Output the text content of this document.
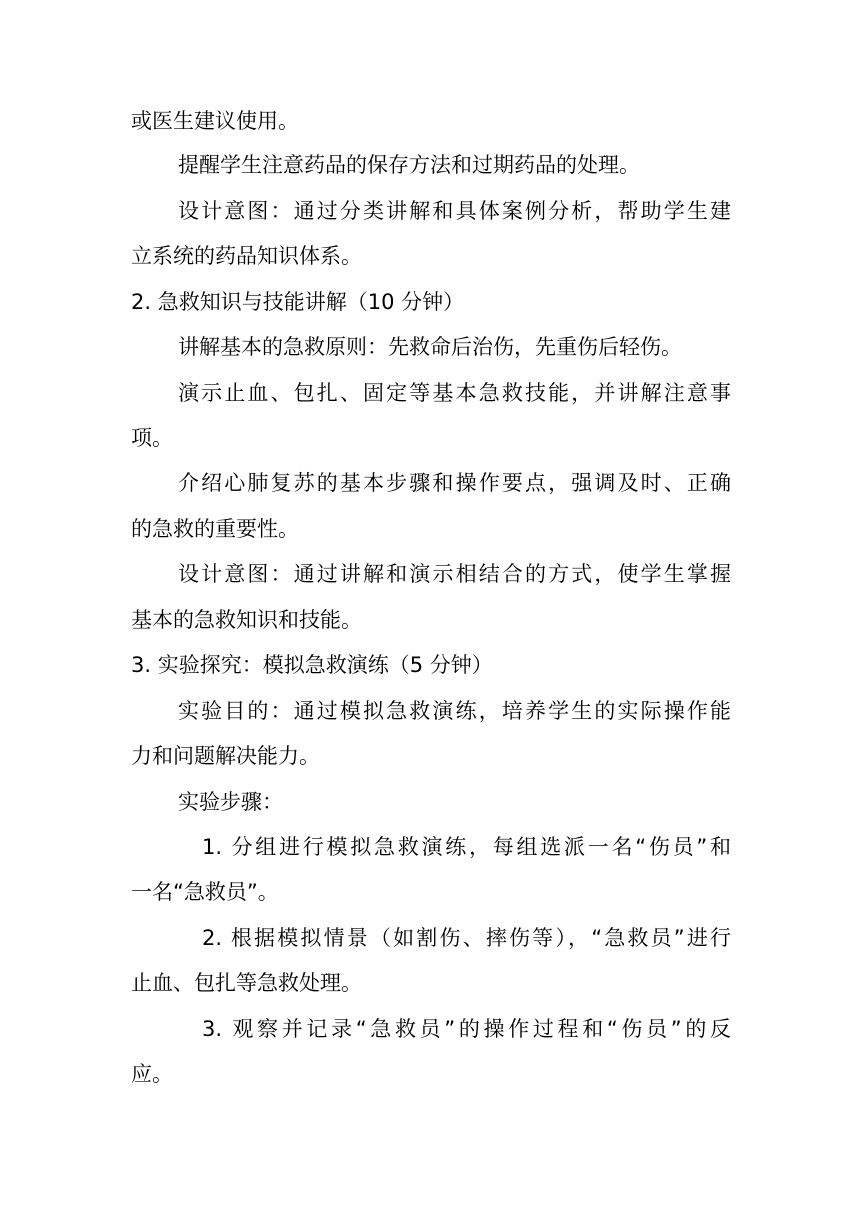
或医生建议使用。
提醒学生注意药品的保存方法和过期药品的处理。
设计意图：通过分类讲解和具体案例分析，帮助学生建
立系统的药品知识体系。
2. 急救知识与技能讲解（10 分钟）
讲解基本的急救原则：先救命后治伤，先重伤后轻伤。
演示止血、包扎、固定等基本急救技能，并讲解注意事
项。
介绍心肺复苏的基本步骤和操作要点，强调及时、正确
的急救的重要性。
设计意图：通过讲解和演示相结合的方式，使学生掌握
基本的急救知识和技能。
3. 实验探究：模拟急救演练（5 分钟）
实验目的：通过模拟急救演练，培养学生的实际操作能
力和问题解决能力。
实验步骤：
1. 分组进行模拟急救演练，每组选派一名“伤员”和
一名“急救员”。
2. 根据模拟情景（如割伤、摔伤等），“急救员”进行
止血、包扎等急救处理。
3. 观察并记录“急救员”的操作过程和“伤员”的反
应。
